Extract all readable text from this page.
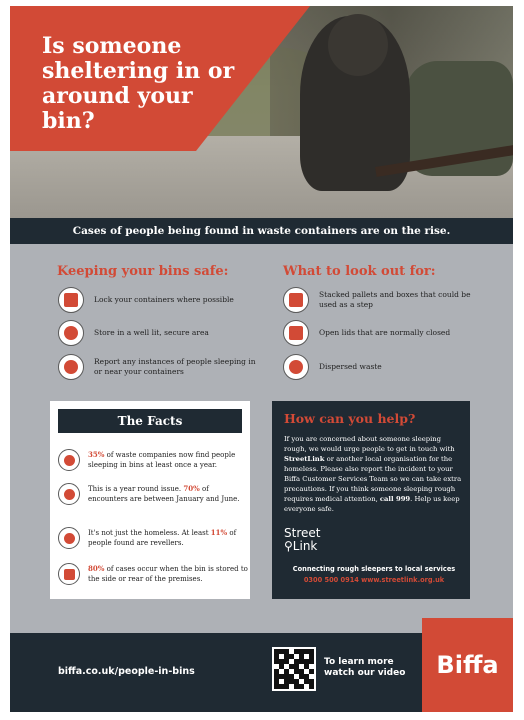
Is someone sheltering in or around your bin?
Cases of people being found in waste containers are on the rise.
Keeping your bins safe:
Lock your containers where possible
Store in a well lit, secure area
Report any instances of people sleeping in or near your containers
What to look out for:
Stacked pallets and boxes that could be used as a step
Open lids that are normally closed
Dispersed waste
The Facts
35% of waste companies now find people sleeping in bins at least once a year.
This is a year round issue. 70% of encounters are between January and June.
It's not just the homeless. At least 11% of people found are revellers.
80% of cases occur when the bin is stored to the side or rear of the premises.
How can you help?
If you are concerned about someone sleeping rough, we would urge people to get in touch with StreetLink or another local organisation for the homeless. Please also report the incident to your Biffa Customer Services Team so we can take extra precautions. If you think someone sleeping rough requires medical attention, call 999. Help us keep everyone safe.
Street
⚲Link
Connecting rough sleepers to local services
0300 500 0914 www.streetlink.org.uk
biffa.co.uk/people-in-bins
To learn more
watch our video	Biffa
